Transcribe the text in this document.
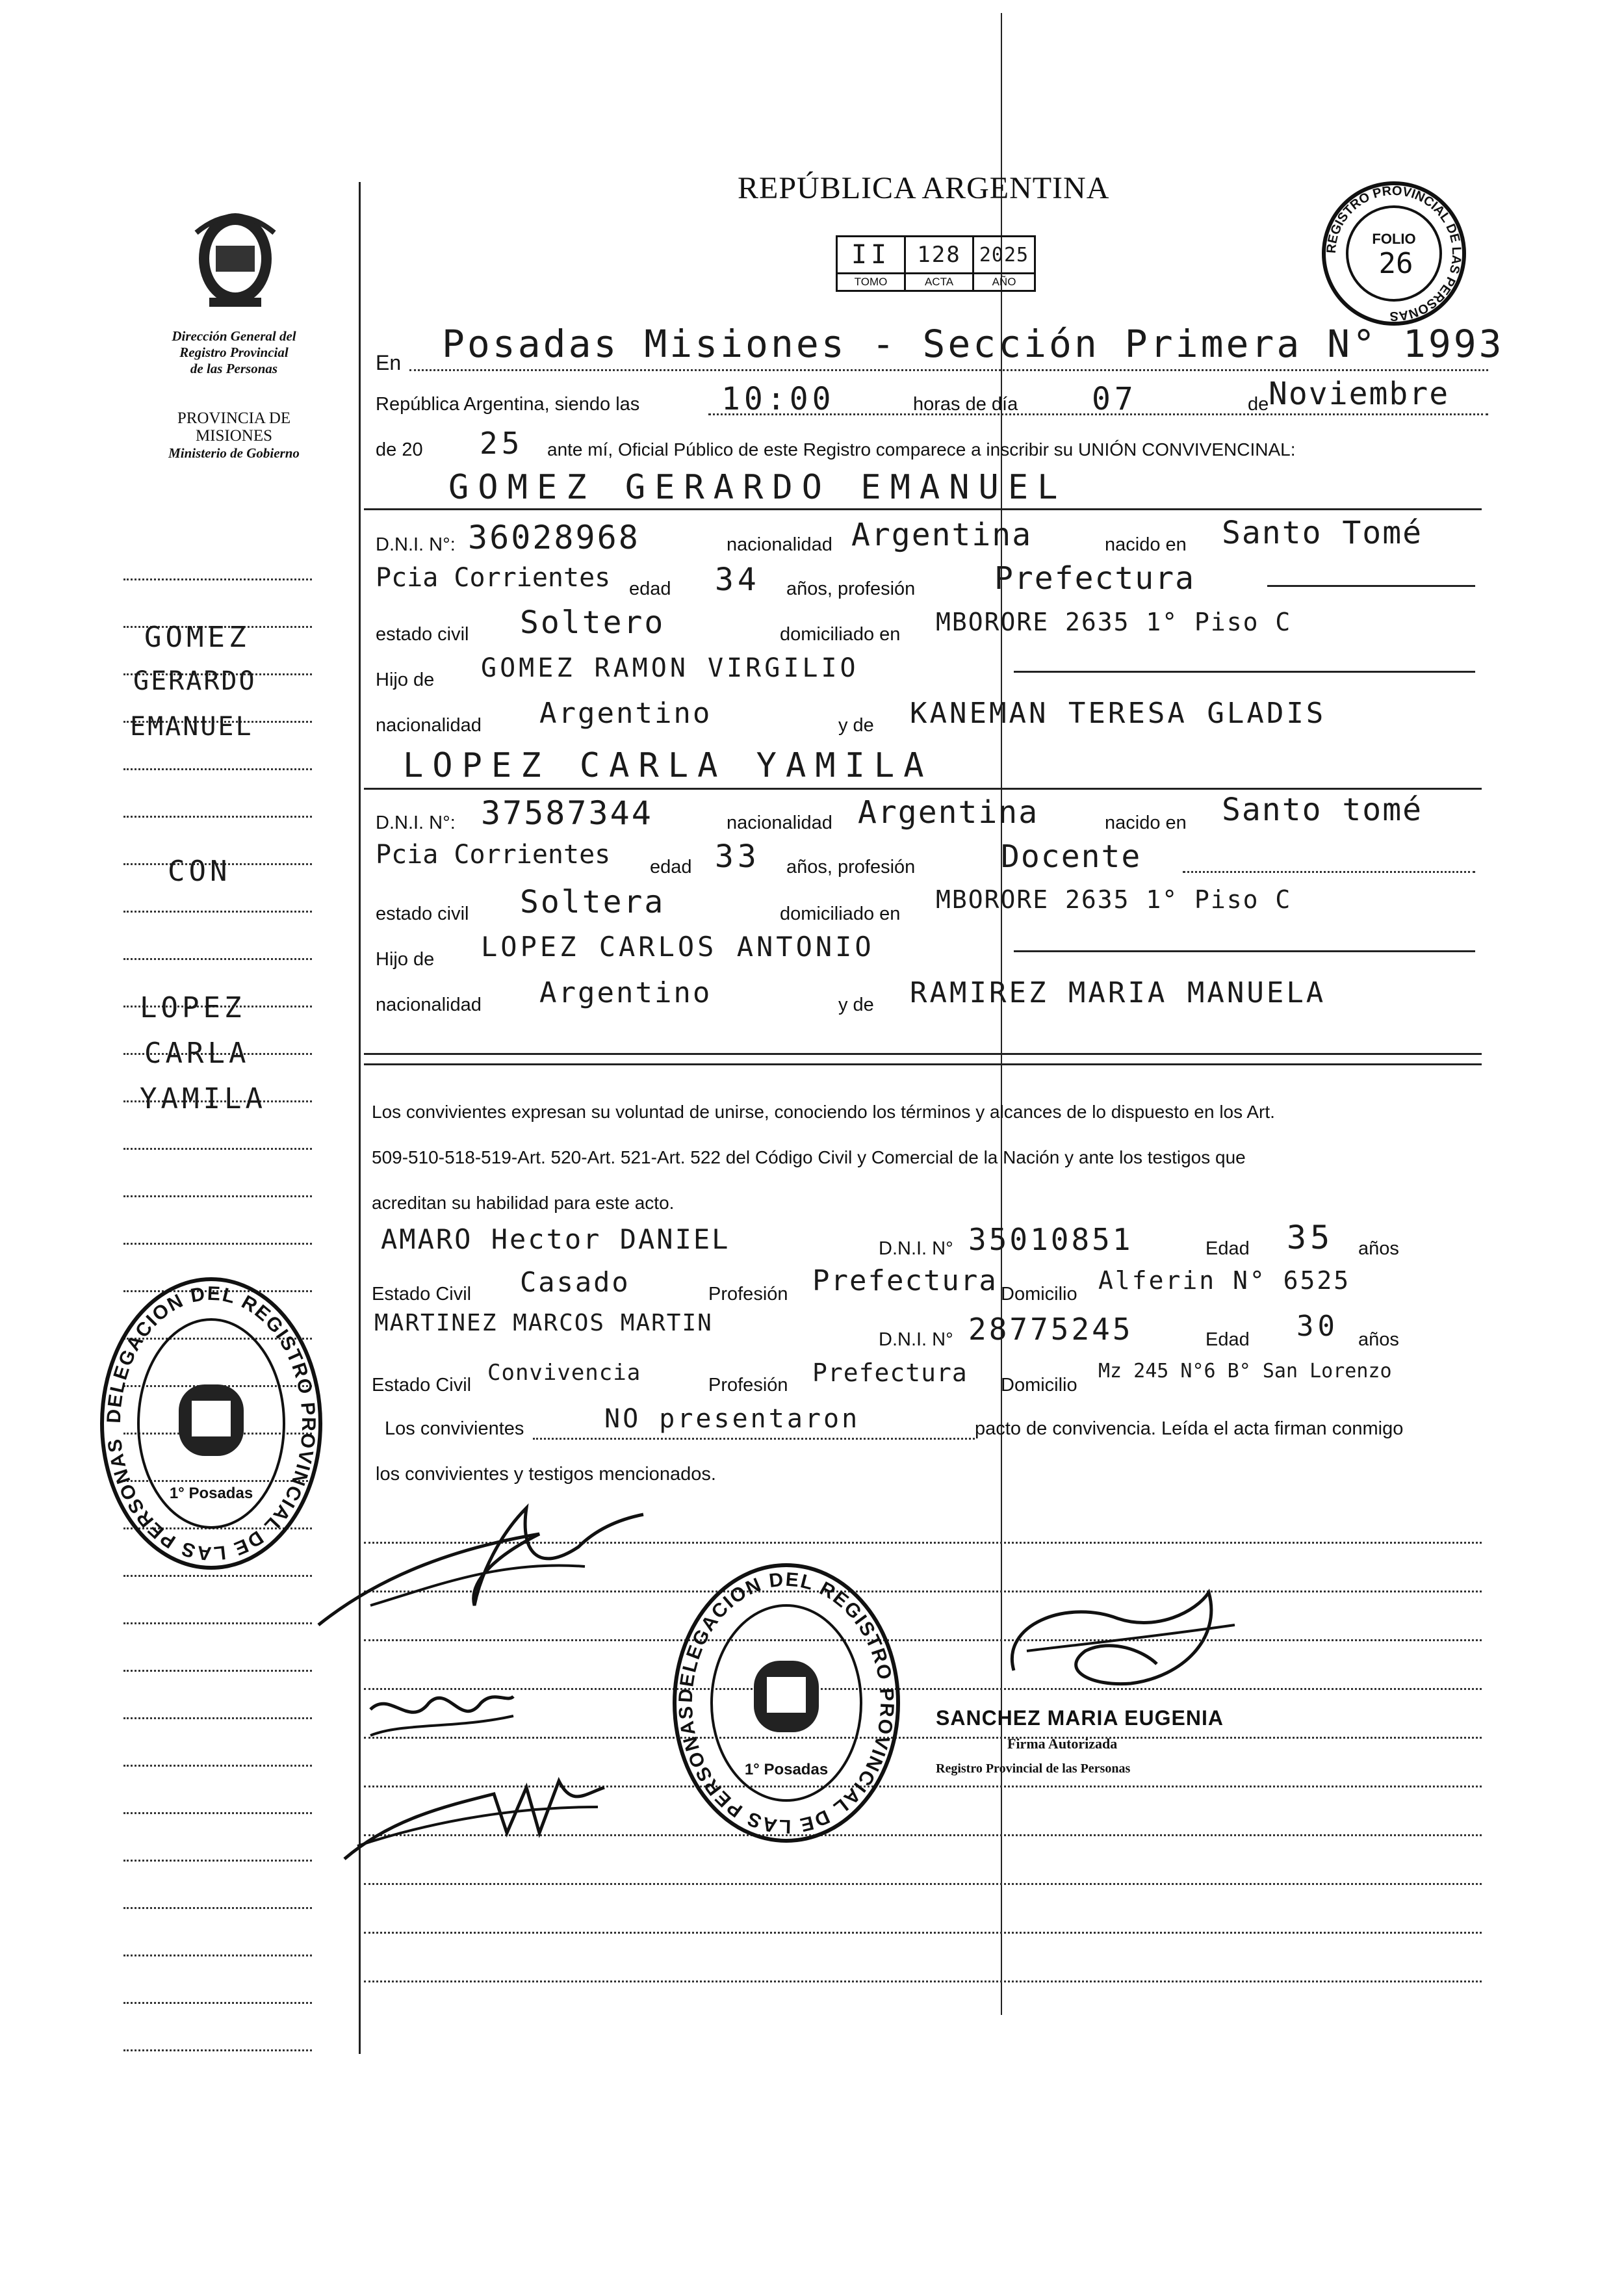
REPÚBLICA ARGENTINA
II	128	2025
TOMO	ACTA	AÑO
REGISTRO PROVINCIAL DE LAS PERSONAS
FOLIO
26
Dirección General del
Registro Provincial
de las Personas
PROVINCIA DE
MISIONES
Ministerio de Gobierno
GOMEZ
GERARDO
EMANUEL
CON
LOPEZ
CARLA
YAMILA
En Posadas Misiones - Sección Primera N° 1993
República Argentina, siendo las	10:00	horas de día 07	de Noviembre
de 20 25 ante mí, Oficial Público de este Registro comparece a inscribir su UNIÓN CONVIVENCINAL:
GOMEZ GERARDO EMANUEL
D.N.I. N°: 36028968	nacionalidad Argentina	nacido en Santo Tomé
Pcia Corrientes edad 34 años, profesión	Prefectura
estado civil Soltero	domiciliado en MBORORE 2635 1° Piso C
Hijo de GOMEZ RAMON VIRGILIO
nacionalidad Argentino	y de KANEMAN TERESA GLADIS
LOPEZ CARLA YAMILA
D.N.I. N°: 37587344	nacionalidad Argentina	nacido en Santo tomé
Pcia Corrientes edad 33 años, profesión	Docente
estado civil Soltera	domiciliado en MBORORE 2635 1° Piso C
Hijo de LOPEZ CARLOS ANTONIO
nacionalidad Argentino	y de RAMIREZ MARIA MANUELA
Los convivientes expresan su voluntad de unirse, conociendo los términos y alcances de lo dispuesto en los Art.
509-510-518-519-Art. 520-Art. 521-Art. 522 del Código Civil y Comercial de la Nación y ante los testigos que
acreditan su habilidad para este acto.
AMARO Hector DANIEL	D.N.I. N° 35010851	Edad 35 años
Estado Civil Casado	Profesión Prefectura Domicilio Alferin N° 6525
MARTINEZ MARCOS MARTIN
D.N.I. N° 28775245	Edad 30 años
Estado Civil Convivencia	Profesión Prefectura Domicilio
Mz 245 N°6 B° San Lorenzo
Los convivientes	NO presentaron	pacto de convivencia. Leída el acta firman conmigo
los convivientes y testigos mencionados.
SANCHEZ MARIA EUGENIA
Firma Autorizada
Registro Provincial de las Personas
DELEGACION DEL REGISTRO PROVINCIAL DE LAS PERSONAS
1° Posadas
DELEGACION DEL REGISTRO PROVINCIAL DE LAS PERSONAS
1° Posadas
